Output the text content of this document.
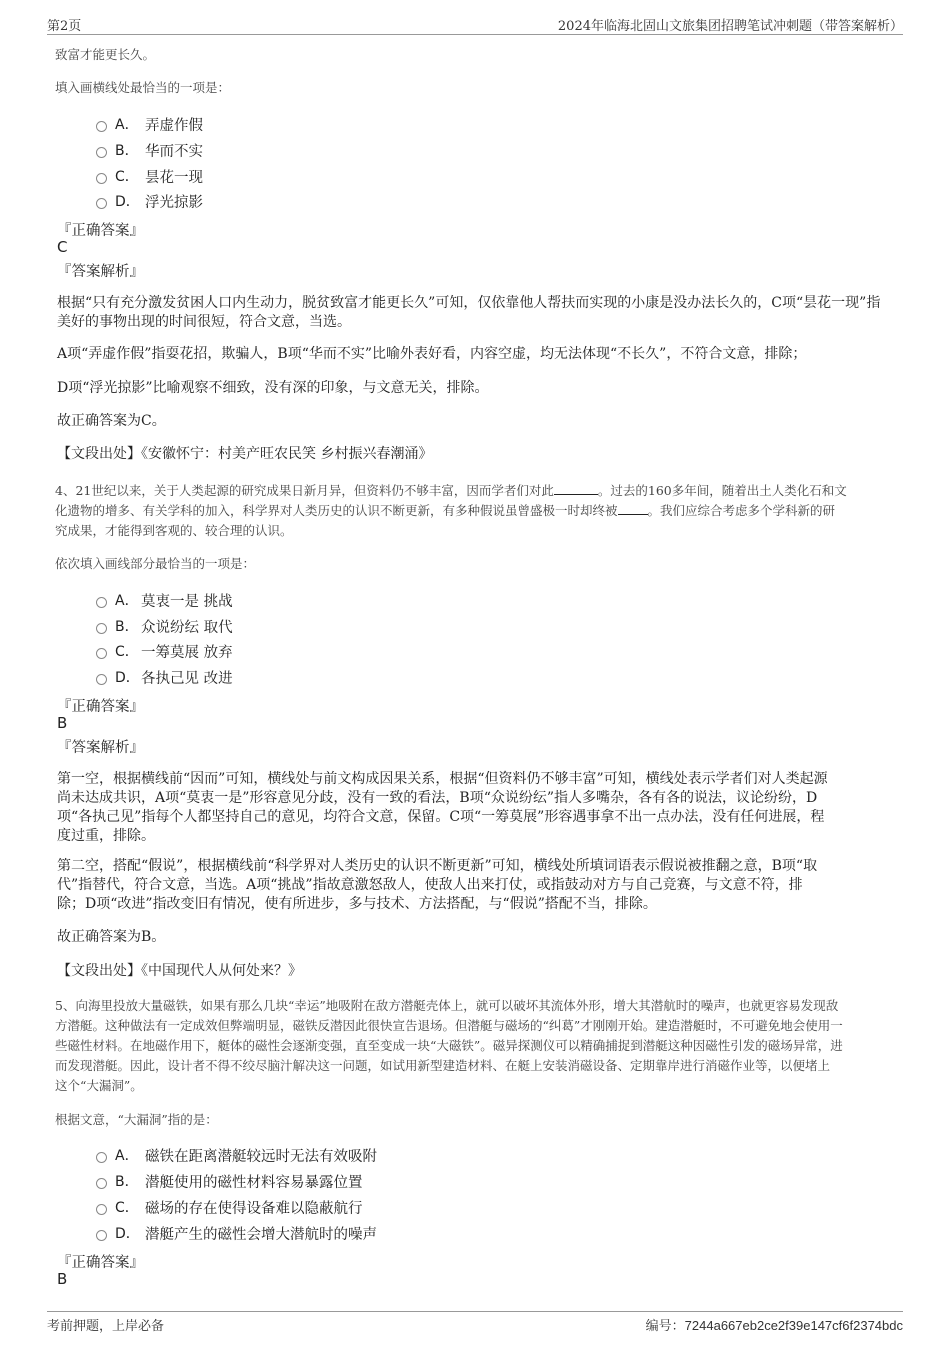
第2页	2024年临海北固山文旅集团招聘笔试冲刺题（带答案解析）
致富才能更长久。
填入画横线处最恰当的一项是：
A． 弄虚作假
B． 华而不实
C． 昙花一现
D． 浮光掠影
『正确答案』
C
『答案解析』
根据“只有充分激发贫困人口内生动力，脱贫致富才能更长久”可知，仅依靠他人帮扶而实现的小康是没办法长久的，C项“昙花一现”指美好的事物出现的时间很短，符合文意，当选。
A项“弄虚作假”指耍花招，欺骗人，B项“华而不实”比喻外表好看，内容空虚，均无法体现“不长久”，不符合文意，排除；
D项“浮光掠影”比喻观察不细致，没有深的印象，与文意无关，排除。
故正确答案为C。
【文段出处】《安徽怀宁：村美产旺农民笑 乡村振兴春潮涌》
4、21世纪以来，关于人类起源的研究成果日新月异，但资料仍不够丰富，因而学者们对此	。过去的160多年间，随着出土人类化石和文
化遗物的增多、有关学科的加入，科学界对人类历史的认识不断更新，有多种假说虽曾盛极一时却终被 。我们应综合考虑多个学科新的研
究成果，才能得到客观的、较合理的认识。
依次填入画线部分最恰当的一项是：
A． 莫衷一是 挑战
B． 众说纷纭 取代
C． 一筹莫展 放弃
D． 各执己见 改进
『正确答案』
B
『答案解析』
第一空，根据横线前“因而”可知，横线处与前文构成因果关系，根据“但资料仍不够丰富”可知，横线处表示学者们对人类起源
尚未达成共识，A项“莫衷一是”形容意见分歧，没有一致的看法，B项“众说纷纭”指人多嘴杂，各有各的说法，议论纷纷，D
项“各执己见”指每个人都坚持自己的意见，均符合文意，保留。C项“一筹莫展”形容遇事拿不出一点办法，没有任何进展，程
度过重，排除。
第二空，搭配“假说”，根据横线前“科学界对人类历史的认识不断更新”可知，横线处所填词语表示假说被推翻之意，B项“取
代”指替代，符合文意，当选。A项“挑战”指故意激怒敌人，使敌人出来打仗，或指鼓动对方与自己竞赛，与文意不符，排
除；D项“改进”指改变旧有情况，使有所进步，多与技术、方法搭配，与“假说”搭配不当，排除。
故正确答案为B。
【文段出处】《中国现代人从何处来？》
5、向海里投放大量磁铁，如果有那么几块“幸运”地吸附在敌方潜艇壳体上，就可以破坏其流体外形，增大其潜航时的噪声，也就更容易发现敌
方潜艇。这种做法有一定成效但弊端明显，磁铁反潜因此很快宣告退场。但潜艇与磁场的“纠葛”才刚刚开始。建造潜艇时，不可避免地会使用一
些磁性材料。在地磁作用下，艇体的磁性会逐渐变强，直至变成一块“大磁铁”。磁异探测仪可以精确捕捉到潜艇这种因磁性引发的磁场异常，进
而发现潜艇。因此，设计者不得不绞尽脑汁解决这一问题，如试用新型建造材料、在艇上安装消磁设备、定期靠岸进行消磁作业等，以便堵上
这个“大漏洞”。
根据文意，“大漏洞”指的是：
A． 磁铁在距离潜艇较远时无法有效吸附
B． 潜艇使用的磁性材料容易暴露位置
C． 磁场的存在使得设备难以隐蔽航行
D． 潜艇产生的磁性会增大潜航时的噪声
『正确答案』
B
考前押题，上岸必备	编号：7244a667eb2ce2f39e147cf6f2374bdc
